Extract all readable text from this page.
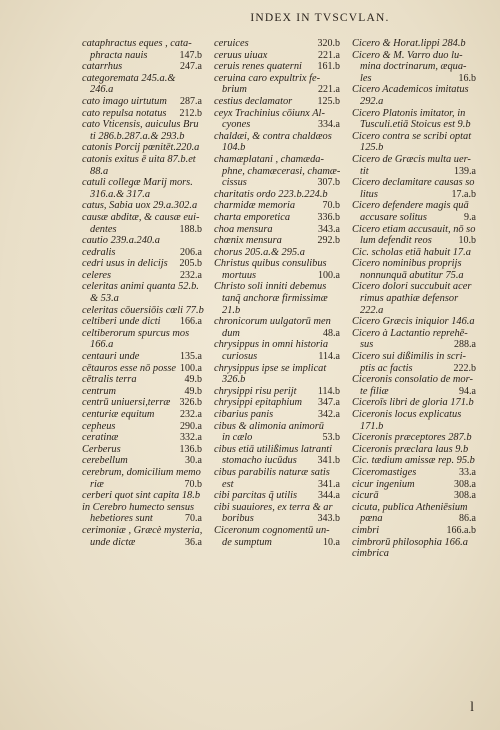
INDEX IN TVSCVLAN.
cataphractus eques , cata-
phracta nauis	147.b
catarrhus	247.a
categoremata 245.a.&
246.a
cato imago uirtutum 287.a
cato repulsa notatus 212.b
cato Vticensis, auiculus Bru
ti 286.b.287.a.& 293.b
catonis Porcij pœnitēt.220.a
catonis exitus ē uita 87.b.et
88.a
catuli collegæ Marij mors.
316.a.& 317.a
catus, Sabia uox 29.a.302.a
causæ abditæ, & causæ eui-
dentes	188.b
cautio 239.a.240.a
cedralis	206.a
cedri usus in delicijs 205.b
celeres	232.a
celeritas animi quanta 52.b.
& 53.a
celeritas cōuersiōis cœli 77.b
celtiberi unde dicti 166.a
celtiberorum spurcus mos
166.a
centauri unde	135.a
cētauros esse nō posse 100.a
cētralis terra	49.b
centrum	49.b
centrū uniuersi,terræ 326.b
centuriæ equitum	232.a
cepheus	290.a
ceratinæ	332.a
Cerberus	136.b
cerebellum	30.a
cerebrum, domicilium memo
riæ	70.b
cerberi quot sint capita 18.b
in Cerebro humecto sensus
hebetiores sunt	70.a
cerimoniæ , Græcè mysteria,
unde dictæ	36.a
ceruices	320.b
ceruus uiuax	221.a
ceruis renes quaterni 161.b
ceruina caro expultrix fe-
brium	221.a
cestius declamator	125.b
ceyx Trachinius cōiunx Al-
cyones	334.a
chaldæi, & contra chaldæos
104.b
chamæplatani , chamæda-
phne, chamæcerasi, chamæ-
cissus	307.b
charitatis ordo 223.b.224.b
charmidæ memoria	70.b
charta emporetica	336.b
choa mensura	343.a
chœnix mensura	292.b
chorus 205.a.& 295.a
Christus quibus consulibus
mortuus	100.a
Christo soli inniti debemus
tanq̃ anchoræ firmissimæ
21.b
chronicorum uulgatorū men
dum	48.a
chrysippus in omni historia
curiosus	114.a
chrysippus ipse se implicat
326.b
chrysippi risu perijt 114.b
chrysippi epitaphium 347.a
cibarius panis	342.a
cibus & alimonia animorū
in cælo	53.b
cibus etiā utilißimus latranti
stomacho iucūdus 341.b
cibus parabilis naturæ satis
est	341.a
cibi parcitas q̃ utilis 344.a
cibi suauiores, ex terra & ar
boribus	343.b
Ciceronum cognomentū un-
de sumptum	10.a
Cicero & Horat.lippi 284.b
Cicero & M. Varro duo lu-
mina doctrinarum, æqua-
les	16.b
Cicero Academicos imitatus
292.a
Cicero Platonis imitator, in
Tusculi.etiā Stoicus est 9.b
Cicero contra se scribi optat
125.b
Cicero de Græcis multa uer-
tit	139.a
Cicero declamitare causas so
litus	17.a.b
Cicero defendere magis quā
accusare solitus	9.a
Cicero etiam accusauit, nō so
lum defendit reos	10.b
Cic. scholas etiā habuit 17.a
Cicero nominibus proprijs
nonnunquā abutitur 75.a
Cicero dolori succubuit acer
rimus apathiæ defensor
222.a
Cicero Græcis iniquior 146.a
Cicero à Lactantio reprehē-
sus	288.a
Cicero sui dißimilis in scri-
ptis ac factis	222.b
Ciceronis consolatio de mor-
te filiæ	94.a
Ciceroīs libri de gloria 171.b
Ciceronis locus explicatus
171.b
Ciceronis præceptores 287.b
Ciceronis præclara laus 9.b
Cic. tædium amissæ rep. 95.b
Ciceromastiges	33.a
cicur ingenium	308.a
cicurā	308.a
cicuta, publica Atheniēsium
pœna	86.a
cimbri	166.a.b
cimbrorū philosophia 166.a
cimbrica
l
